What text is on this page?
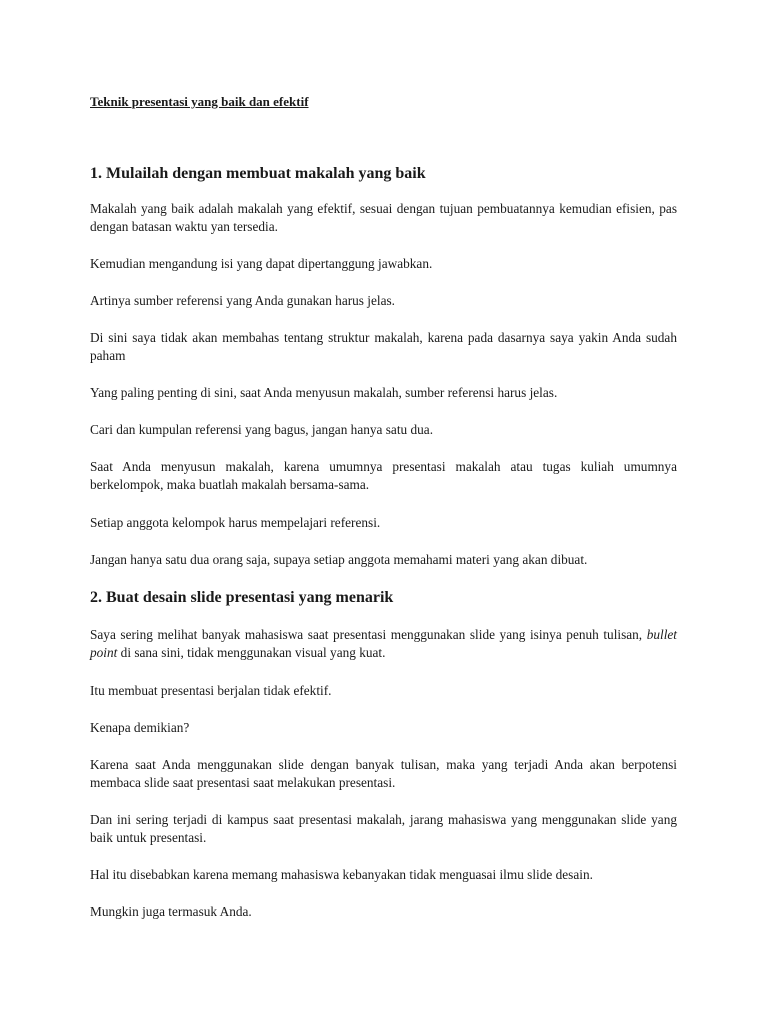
Teknik presentasi yang baik dan efektif

1. Mulailah dengan membuat makalah yang baik

Makalah yang baik adalah makalah yang efektif, sesuai dengan tujuan pembuatannya kemudian efisien, pas dengan batasan waktu yan tersedia.

Kemudian mengandung isi yang dapat dipertanggung jawabkan.

Artinya sumber referensi yang Anda gunakan harus jelas.

Di sini saya tidak akan membahas tentang struktur makalah, karena pada dasarnya saya yakin Anda sudah paham

Yang paling penting di sini, saat Anda menyusun makalah, sumber referensi harus jelas.

Cari dan kumpulan referensi yang bagus, jangan hanya satu dua.

Saat Anda menyusun makalah, karena umumnya presentasi makalah atau tugas kuliah umumnya berkelompok, maka buatlah makalah bersama-sama.

Setiap anggota kelompok harus mempelajari referensi.

Jangan hanya satu dua orang saja, supaya setiap anggota memahami materi yang akan dibuat.

2. Buat desain slide presentasi yang menarik

Saya sering melihat banyak mahasiswa saat presentasi menggunakan slide yang isinya penuh tulisan, bullet point di sana sini, tidak menggunakan visual yang kuat.

Itu membuat presentasi berjalan tidak efektif.

Kenapa demikian?

Karena saat Anda menggunakan slide dengan banyak tulisan, maka yang terjadi Anda akan berpotensi membaca slide saat presentasi saat melakukan presentasi.

Dan ini sering terjadi di kampus saat presentasi makalah, jarang mahasiswa yang menggunakan slide yang baik untuk presentasi.

Hal itu disebabkan karena memang mahasiswa kebanyakan tidak menguasai ilmu slide desain.

Mungkin juga termasuk Anda.
